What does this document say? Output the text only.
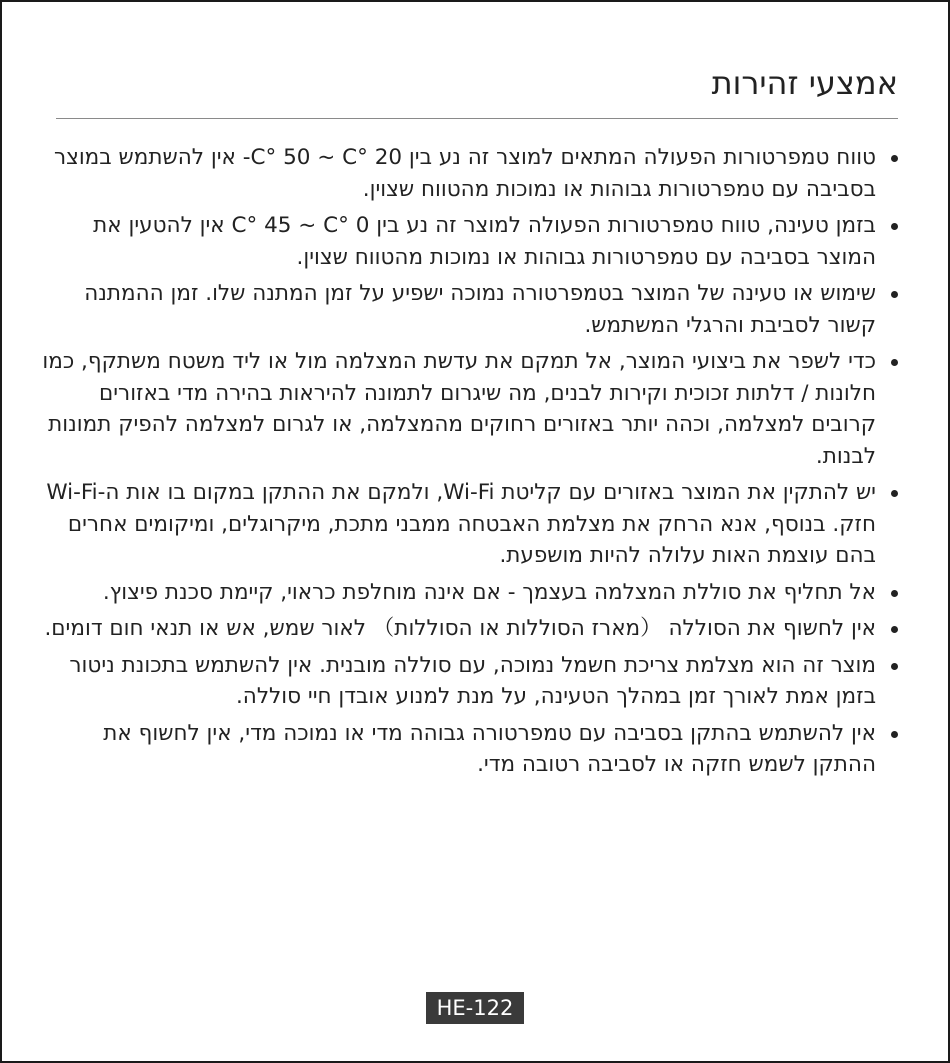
אמצעי זהירות
טווח טמפרטורות הפעולה המתאים למוצר זה נע בין C° 50 ~ C° 20- אין להשתמש במוצר בסביבה עם טמפרטורות גבוהות או נמוכות מהטווח שצוין.
בזמן טעינה, טווח טמפרטורות הפעולה למוצר זה נע בין C° 45 ~ C° 0 אין להטעין את המוצר בסביבה עם טמפרטורות גבוהות או נמוכות מהטווח שצוין.
שימוש או טעינה של המוצר בטמפרטורה נמוכה ישפיע על זמן המתנה שלו. זמן ההמתנה קשור לסביבת והרגלי המשתמש.
כדי לשפר את ביצועי המוצר, אל תמקם את עדשת המצלמה מול או ליד משטח משתקף, כמו חלונות / דלתות זכוכית וקירות לבנים, מה שיגרום לתמונה להיראות בהירה מדי באזורים קרובים למצלמה, וכהה יותר באזורים רחוקים מהמצלמה, או לגרום למצלמה להפיק תמונות לבנות.
יש להתקין את המוצר באזורים עם קליטת Wi-Fi, ולמקם את ההתקן במקום בו אות ה-Wi-Fi חזק. בנוסף, אנא הרחק את מצלמת האבטחה ממבני מתכת, מיקרוגלים, ומיקומים אחרים בהם עוצמת האות עלולה להיות מושפעת.
אל תחליף את סוללת המצלמה בעצמך - אם אינה מוחלפת כראוי, קיימת סכנת פיצוץ.
אין לחשוף את הסוללה （מארז הסוללות או הסוללות） לאור שמש, אש או תנאי חום דומים.
מוצר זה הוא מצלמת צריכת חשמל נמוכה, עם סוללה מובנית. אין להשתמש בתכונת ניטור בזמן אמת לאורך זמן במהלך הטעינה, על מנת למנוע אובדן חיי סוללה.
אין להשתמש בהתקן בסביבה עם טמפרטורה גבוהה מדי או נמוכה מדי, אין לחשוף את ההתקן לשמש חזקה או לסביבה רטובה מדי.
HE-122
